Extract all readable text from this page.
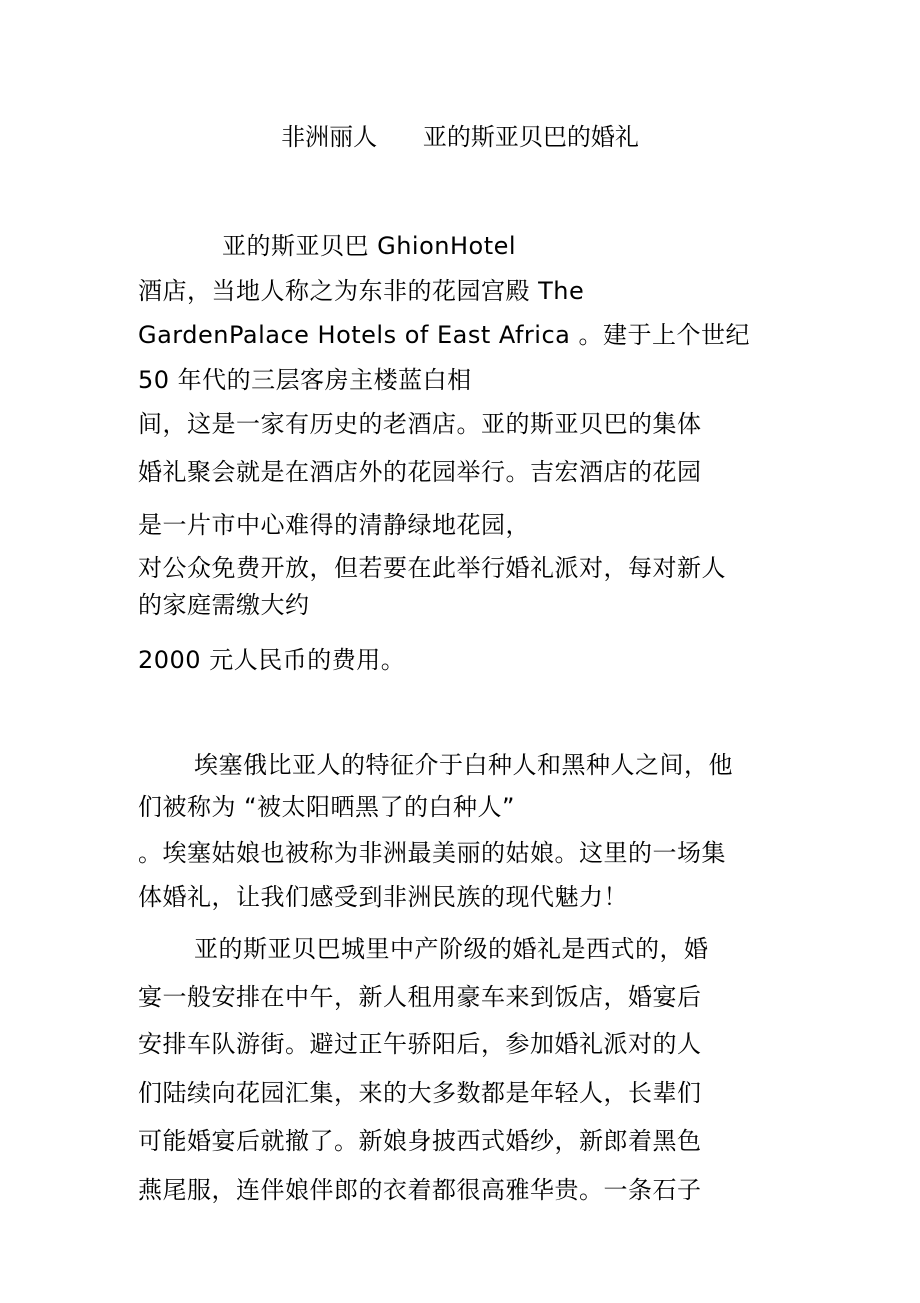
非洲丽人      亚的斯亚贝巴的婚礼
亚的斯亚贝巴 GhionHotel
酒店，当地人称之为东非的花园宫殿 The
GardenPalace Hotels of East Africa 。建于上个世纪
50 年代的三层客房主楼蓝白相
间，这是一家有历史的老酒店。亚的斯亚贝巴的集体
婚礼聚会就是在酒店外的花园举行。吉宏酒店的花园
是一片市中心难得的清静绿地花园，
对公众免费开放，但若要在此举行婚礼派对，每对新人
的家庭需缴大约
2000 元人民币的费用。
埃塞俄比亚人的特征介于白种人和黑种人之间，他
们被称为 “被太阳晒黑了的白种人”
。埃塞姑娘也被称为非洲最美丽的姑娘。这里的一场集
体婚礼，让我们感受到非洲民族的现代魅力！
亚的斯亚贝巴城里中产阶级的婚礼是西式的，婚
宴一般安排在中午，新人租用豪车来到饭店，婚宴后
安排车队游街。避过正午骄阳后，参加婚礼派对的人
们陆续向花园汇集，来的大多数都是年轻人，长辈们
可能婚宴后就撤了。新娘身披西式婚纱，新郎着黑色
燕尾服，连伴娘伴郎的衣着都很高雅华贵。一条石子
